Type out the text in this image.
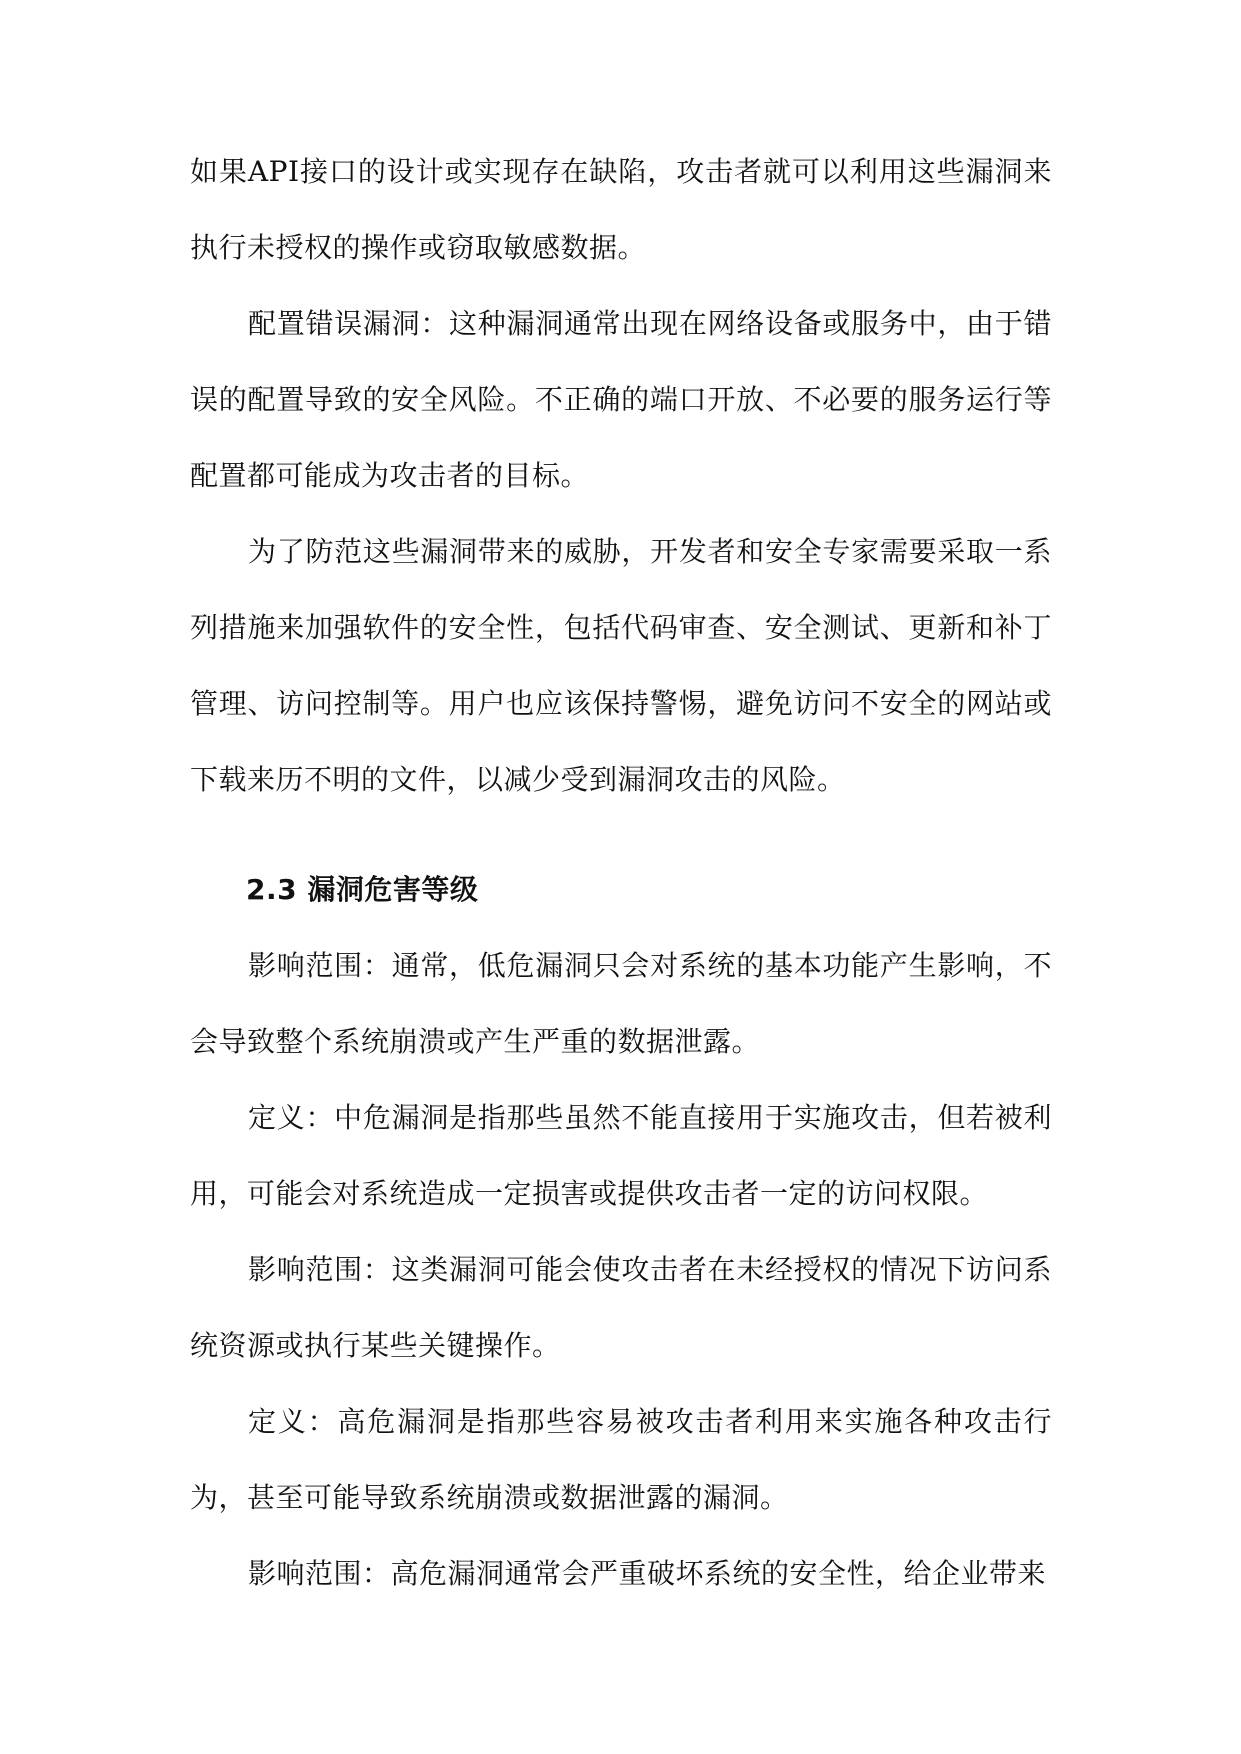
如果API接口的设计或实现存在缺陷，攻击者就可以利用这些漏洞来执行未授权的操作或窃取敏感数据。

配置错误漏洞：这种漏洞通常出现在网络设备或服务中，由于错误的配置导致的安全风险。不正确的端口开放、不必要的服务运行等配置都可能成为攻击者的目标。

为了防范这些漏洞带来的威胁，开发者和安全专家需要采取一系列措施来加强软件的安全性，包括代码审查、安全测试、更新和补丁管理、访问控制等。用户也应该保持警惕，避免访问不安全的网站或下载来历不明的文件，以减少受到漏洞攻击的风险。

2.3 漏洞危害等级

影响范围：通常，低危漏洞只会对系统的基本功能产生影响，不会导致整个系统崩溃或产生严重的数据泄露。

定义：中危漏洞是指那些虽然不能直接用于实施攻击，但若被利用，可能会对系统造成一定损害或提供攻击者一定的访问权限。

影响范围：这类漏洞可能会使攻击者在未经授权的情况下访问系统资源或执行某些关键操作。

定义：高危漏洞是指那些容易被攻击者利用来实施各种攻击行为，甚至可能导致系统崩溃或数据泄露的漏洞。

影响范围：高危漏洞通常会严重破坏系统的安全性，给企业带来
